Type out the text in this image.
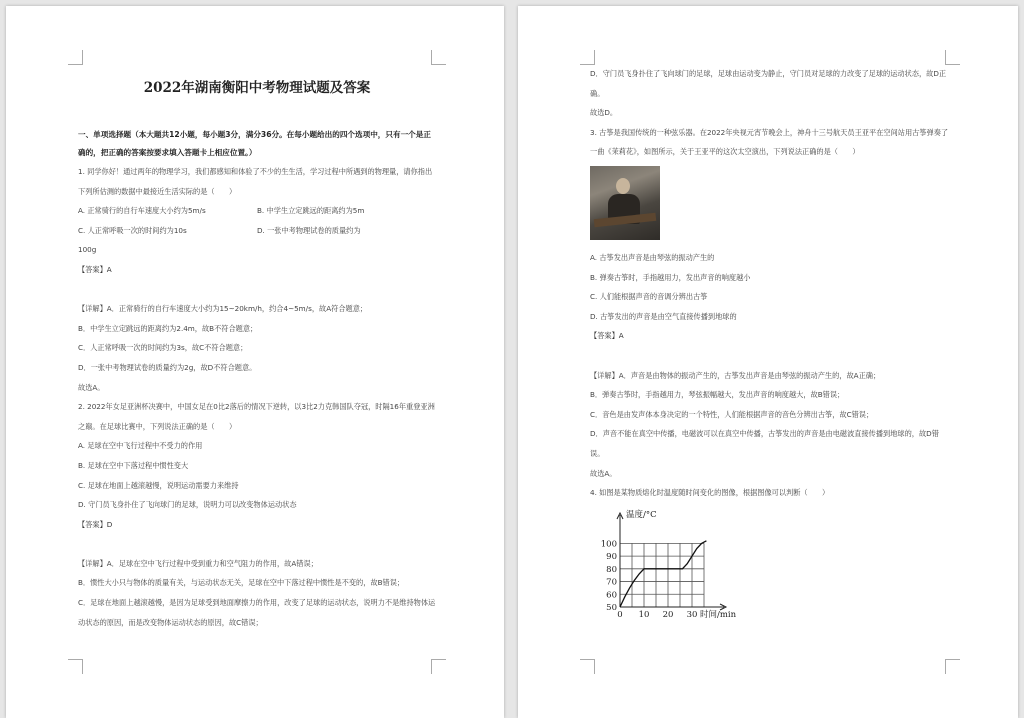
2022年湖南衡阳中考物理试题及答案
一、单项选择题（本大题共12小题，每小题3分，满分36分。在每小题给出的四个选项中，只有一个是正确的，把正确的答案按要求填入答题卡上相应位置。）

1. 同学你好！通过两年的物理学习，我们都感知和体验了不少的生生活，学习过程中所遇到的物理量，请你指出下列所估测的数据中最接近生活实际的是（　　）

A. 正常骑行的自行车速度大小约为5m/s	B. 中学生立定跳远的距离约为5m
C. 人正常呼吸一次的时间约为10s	D. 一张中考物理试卷的质量约为

100g

【答案】A

【详解】A．正常骑行的自行车速度大小约为15~20km/h，约合4~5m/s，故A符合题意；

B．中学生立定跳远的距离约为2.4m，故B不符合题意；

C．人正常呼吸一次的时间约为3s，故C不符合题意；

D．一张中考物理试卷的质量约为2g，故D不符合题意。

故选A。

2. 2022年女足亚洲杯决赛中，中国女足在0比2落后的情况下逆转，以3比2力克韩国队夺冠，时隔16年重登亚洲之巅。在足球比赛中，下列说法正确的是（　　）

A. 足球在空中飞行过程中不受力的作用

B. 足球在空中下落过程中惯性变大

C. 足球在地面上越滚越慢，说明运动需要力来维持

D. 守门员飞身扑住了飞向球门的足球，说明力可以改变物体运动状态

【答案】D

【详解】A．足球在空中飞行过程中受到重力和空气阻力的作用，故A错误；

B．惯性大小只与物体的质量有关，与运动状态无关，足球在空中下落过程中惯性是不变的，故B错误；

C．足球在地面上越滚越慢，是因为足球受到地面摩擦力的作用，改变了足球的运动状态，说明力不是维持物体运动状态的原因，而是改变物体运动状态的原因，故C错误；

D．守门员飞身扑住了飞向球门的足球，足球由运动变为静止，守门员对足球的力改变了足球的运动状态，故D正确。

故选D。

3. 古筝是我国传统的一种弦乐器。在2022年央视元宵节晚会上，神舟十三号航天员王亚平在空间站用古筝弹奏了一曲《茉莉花》，如图所示，关于王亚平的这次太空演出，下列说法正确的是（　　）

A. 古筝发出声音是由琴弦的振动产生的

B. 弹奏古筝时，手指越用力，发出声音的响度越小

C. 人们能根据声音的音调分辨出古筝

D. 古筝发出的声音是由空气直接传播到地球的

【答案】A

【详解】A．声音是由物体的振动产生的，古筝发出声音是由琴弦的振动产生的，故A正确；

B．弹奏古筝时，手指越用力，琴弦振幅越大，发出声音的响度越大，故B错误；

C．音色是由发声体本身决定的一个特性，人们能根据声音的音色分辨出古筝，故C错误；

D．声音不能在真空中传播，电磁波可以在真空中传播，古筝发出的声音是由电磁波直接传播到地球的，故D错误。

故选A。

4. 如图是某物质熔化时温度随时间变化的图像，根据图像可以判断（　　）

50
60
70
80
90
100
0 10 20 30
温度/°C
时间/min
